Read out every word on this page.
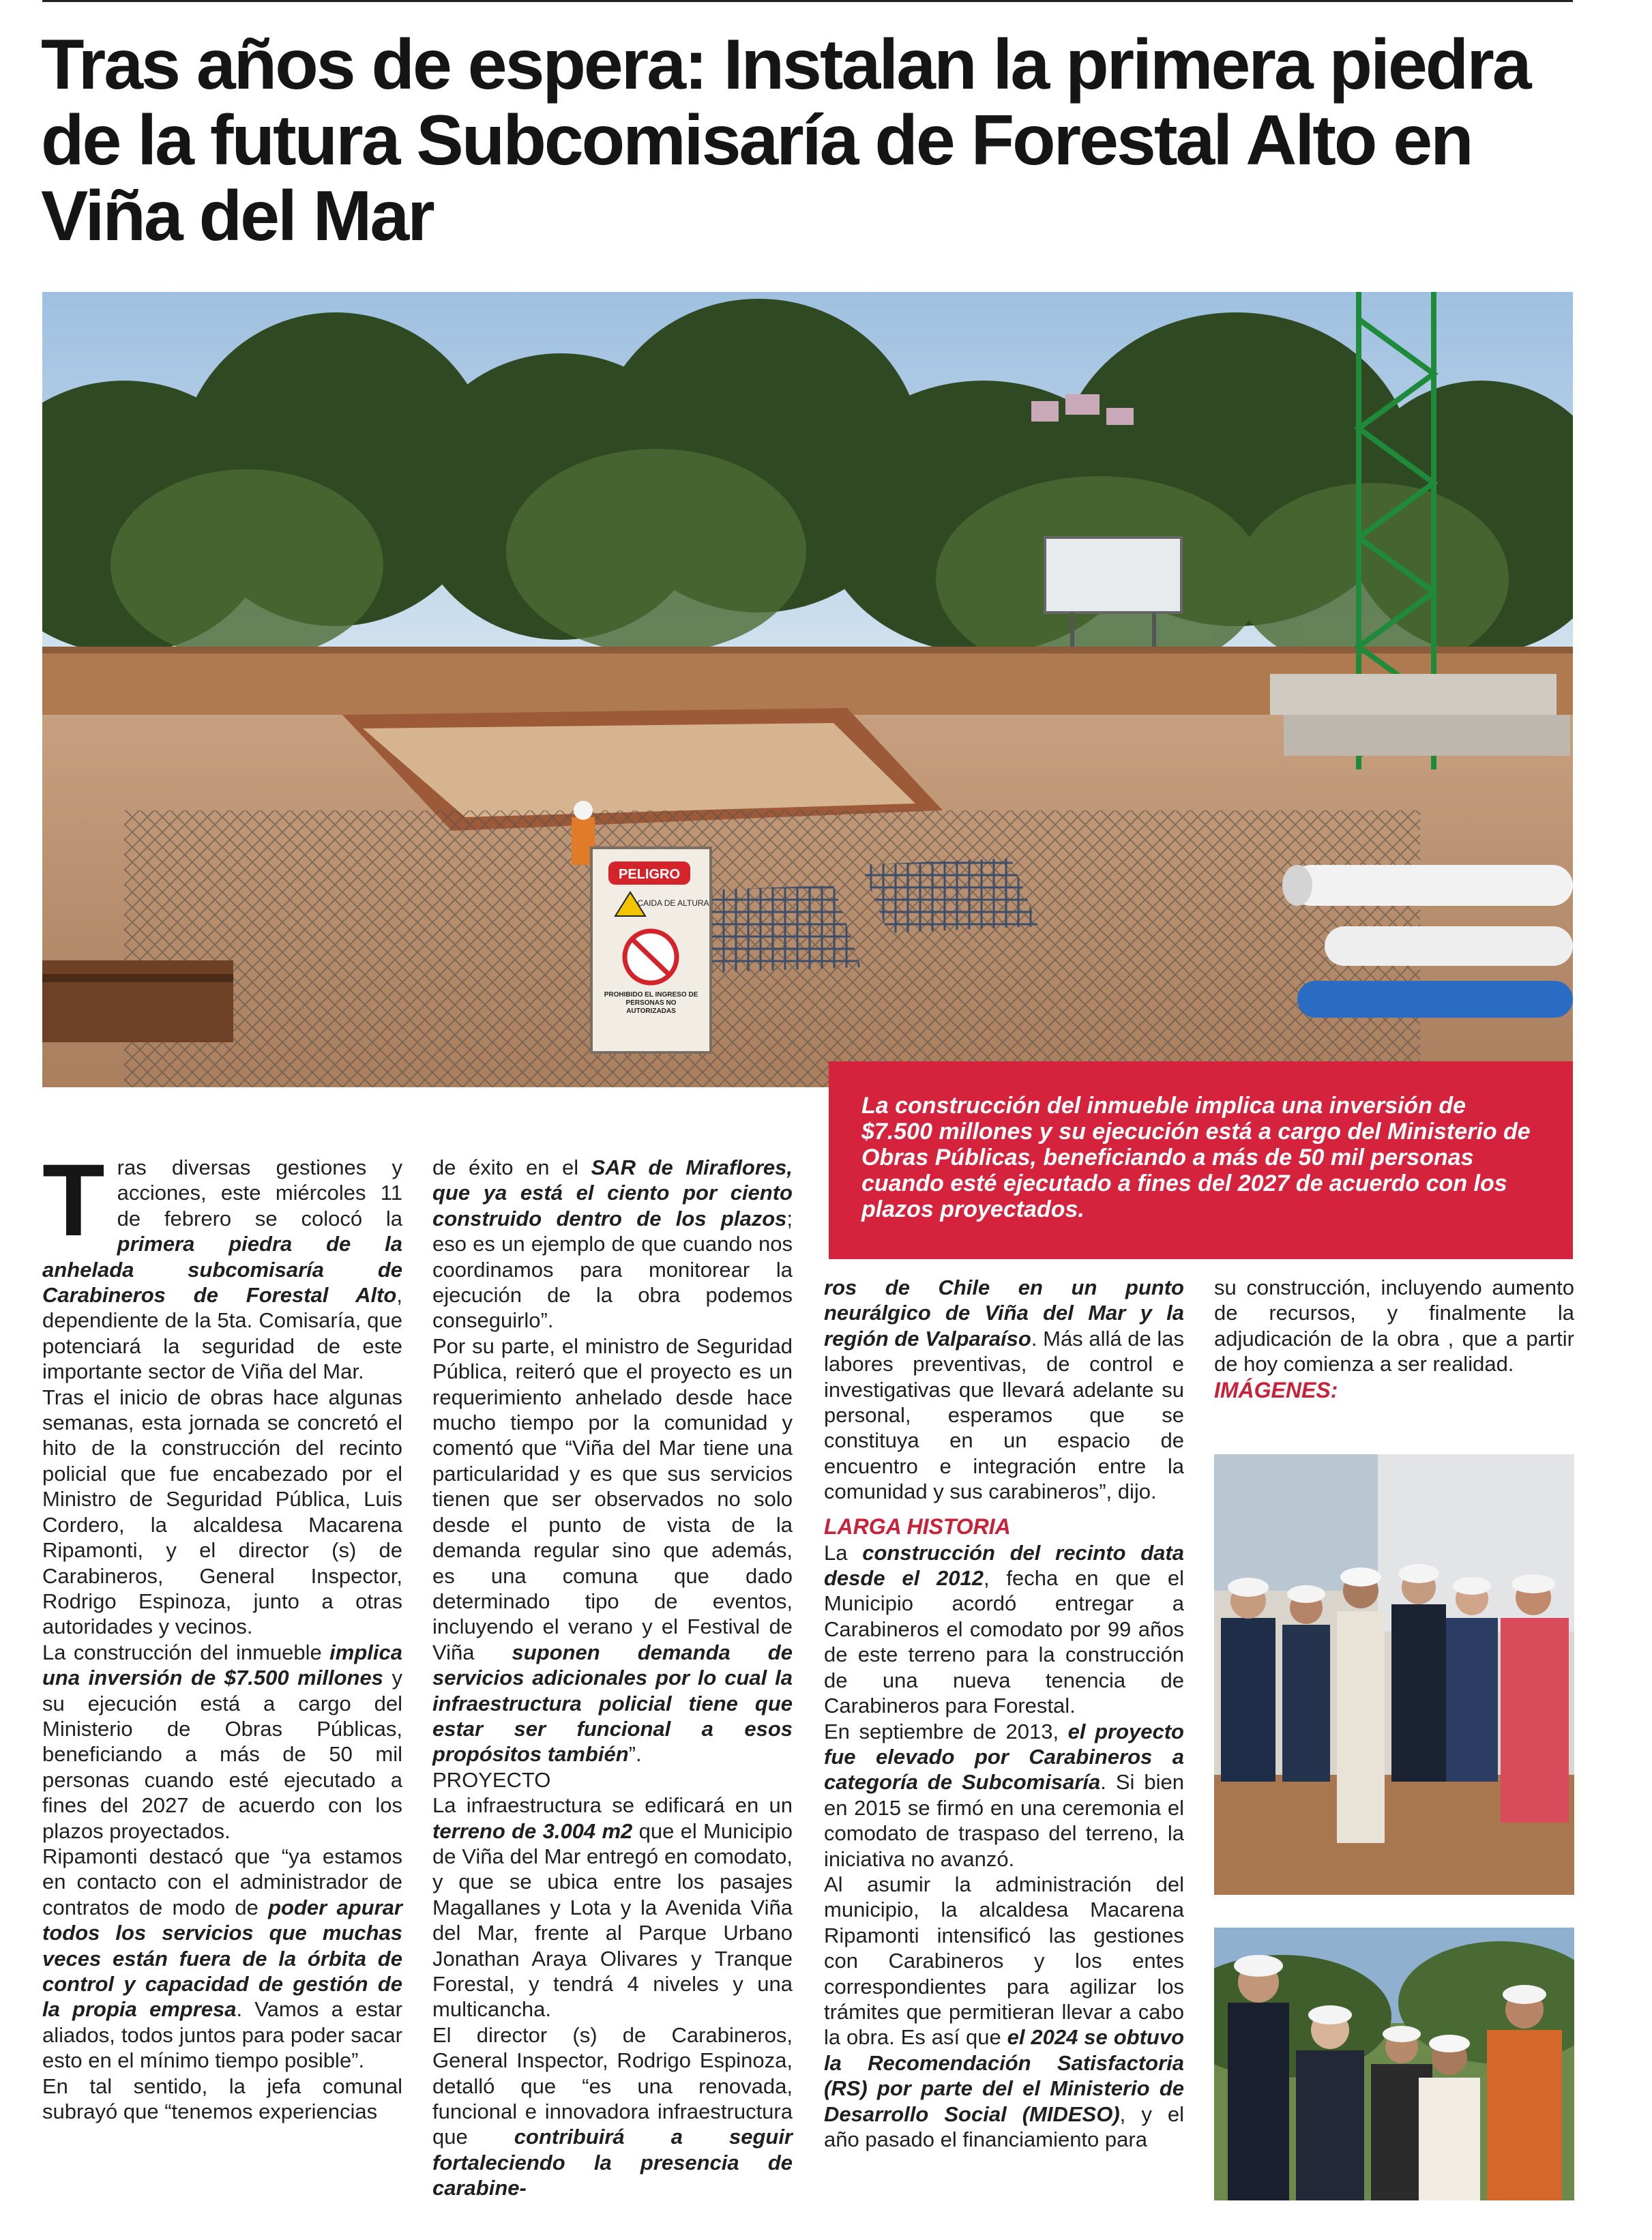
Tras años de espera: Instalan la primera piedra de la futura Subcomisaría de Forestal Alto en Viña del Mar
PELIGRO
CAIDA DE ALTURA
PROHIBIDO EL INGRESO DE PERSONAS NO AUTORIZADAS
La construcción del inmueble implica una inversión de $7.500 millones y su ejecución está a cargo del Ministerio de Obras Públicas, beneficiando a más de 50 mil personas cuando esté ejecutado a fines del 2027 de acuerdo con los plazos proyectados.

Tras diversas gestiones y acciones, este miércoles 11 de febrero se colocó la primera piedra de la anhelada subcomisaría de Carabineros de Forestal Alto, dependiente de la 5ta. Comisaría, que potenciará la seguridad de este importante sector de Viña del Mar.

Tras el inicio de obras hace algunas semanas, esta jornada se concretó el hito de la construcción del recinto policial que fue encabezado por el Ministro de Seguridad Pública, Luis Cordero, la alcaldesa Macarena Ripamonti, y el director (s) de Carabineros, General Inspector, Rodrigo Espinoza, junto a otras autoridades y vecinos.

La construcción del inmueble implica una inversión de $7.500 millones y su ejecución está a cargo del Ministerio de Obras Públicas, beneficiando a más de 50 mil personas cuando esté ejecutado a fines del 2027 de acuerdo con los plazos proyectados.

Ripamonti destacó que “ya estamos en contacto con el administrador de contratos de modo de poder apurar todos los servicios que muchas veces están fuera de la órbita de control y capacidad de gestión de la propia empresa. Vamos a estar aliados, todos juntos para poder sacar esto en el mínimo tiempo posible”.

En tal sentido, la jefa comunal subrayó que “tenemos experiencias

de éxito en el SAR de Miraflores, que ya está el ciento por ciento construido dentro de los plazos; eso es un ejemplo de que cuando nos coordinamos para monitorear la ejecución de la obra podemos conseguirlo”.

Por su parte, el ministro de Seguridad Pública, reiteró que el proyecto es un requerimiento anhelado desde hace mucho tiempo por la comunidad y comentó que “Viña del Mar tiene una particularidad y es que sus servicios tienen que ser observados no solo desde el punto de vista de la demanda regular sino que además, es una comuna que dado determinado tipo de eventos, incluyendo el verano y el Festival de Viña suponen demanda de servicios adicionales por lo cual la infraestructura policial tiene que estar ser funcional a esos propósitos también”.

PROYECTO

La infraestructura se edificará en un terreno de 3.004 m2 que el Municipio de Viña del Mar entregó en comodato, y que se ubica entre los pasajes Magallanes y Lota y la Avenida Viña del Mar, frente al Parque Urbano Jonathan Araya Olivares y Tranque Forestal, y tendrá 4 niveles y una multicancha.

El director (s) de Carabineros, General Inspector, Rodrigo Espinoza, detalló que “es una renovada, funcional e innovadora infraestructura que contribuirá a seguir fortaleciendo la presencia de carabine-

ros de Chile en un punto neurálgico de Viña del Mar y la región de Valparaíso. Más allá de las labores preventivas, de control e investigativas que llevará adelante su personal, esperamos que se constituya en un espacio de encuentro e integración entre la comunidad y sus carabineros”, dijo.

LARGA HISTORIA

La construcción del recinto data desde el 2012, fecha en que el Municipio acordó entregar a Carabineros el comodato por 99 años de este terreno para la construcción de una nueva tenencia de Carabineros para Forestal.

En septiembre de 2013, el proyecto fue elevado por Carabineros a categoría de Subcomisaría. Si bien en 2015 se firmó en una ceremonia el comodato de traspaso del terreno, la iniciativa no avanzó.

Al asumir la administración del municipio, la alcaldesa Macarena Ripamonti intensificó las gestiones con Carabineros y los entes correspondientes para agilizar los trámites que permitieran llevar a cabo la obra. Es así que el 2024 se obtuvo la Recomendación Satisfactoria (RS) por parte del el Ministerio de Desarrollo Social (MIDESO), y el año pasado el financiamiento para

su construcción, incluyendo aumento de recursos, y finalmente la adjudicación de la obra , que a partir de hoy comienza a ser realidad.

IMÁGENES:
